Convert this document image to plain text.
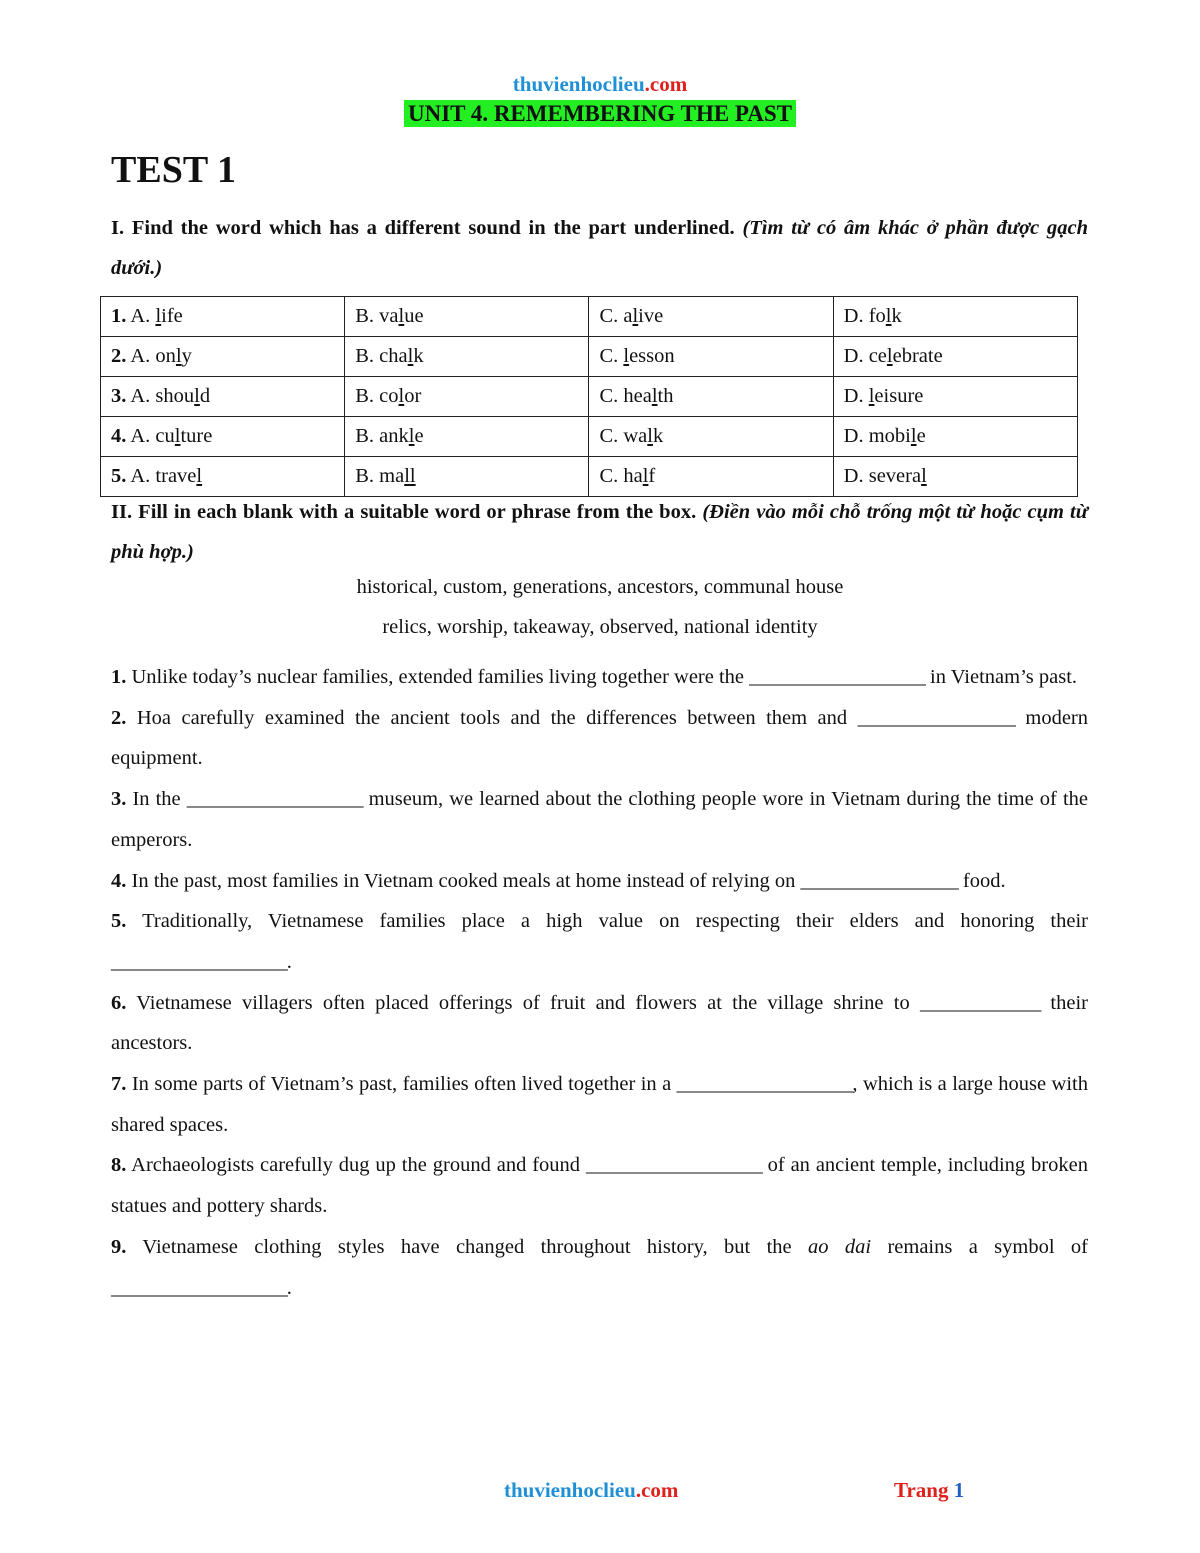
thuvienhoclieu.com
UNIT 4. REMEMBERING THE PAST
TEST 1
I. Find the word which has a different sound in the part underlined. (Tìm từ có âm khác ở phần được gạch dưới.)
1. A. life	B. value	C. alive	D. folk
2. A. only	B. chalk	C. lesson	D. celebrate
3. A. should	B. color	C. health	D. leisure
4. A. culture	B. ankle	C. walk	D. mobile
5. A. travel	B. mall	C. half	D. several
II. Fill in each blank with a suitable word or phrase from the box. (Điền vào mỗi chỗ trống một từ hoặc cụm từ phù hợp.)
historical, custom, generations, ancestors, communal house
relics, worship, takeaway, observed, national identity

1. Unlike today’s nuclear families, extended families living together were the ___________________ in Vietnam’s past.

2. Hoa carefully examined the ancient tools and the differences between them and _________________ modern equipment.

3. In the ___________________ museum, we learned about the clothing people wore in Vietnam during the time of the emperors.

4. In the past, most families in Vietnam cooked meals at home instead of relying on _________________ food.

5. Traditionally, Vietnamese families place a high value on respecting their elders and honoring their ___________________.

6. Vietnamese villagers often placed offerings of fruit and flowers at the village shrine to _____________ their ancestors.

7. In some parts of Vietnam’s past, families often lived together in a ___________________, which is a large house with shared spaces.

8. Archaeologists carefully dug up the ground and found ___________________ of an ancient temple, including broken statues and pottery shards.

9. Vietnamese clothing styles have changed throughout history, but the ao dai remains a symbol of ___________________.

thuvienhoclieu.com	Trang 1
